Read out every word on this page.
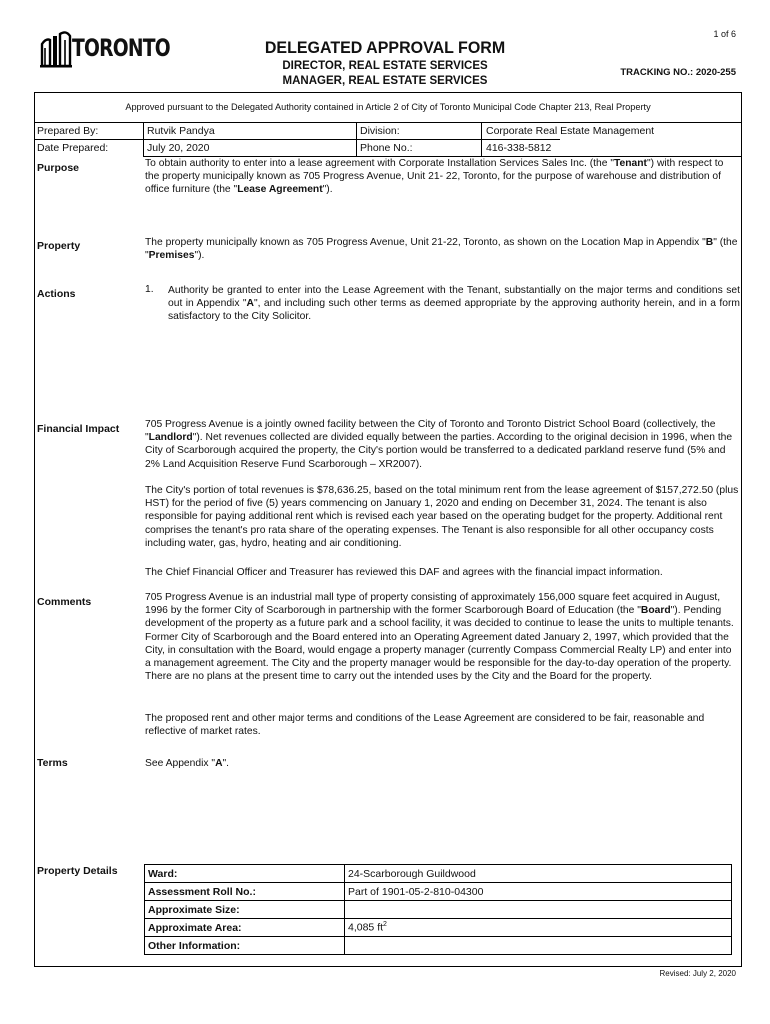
TORONTO	1 of 6
DELEGATED APPROVAL FORM
DIRECTOR, REAL ESTATE SERVICES
MANAGER, REAL ESTATE SERVICES
TRACKING NO.: 2020-255
Approved pursuant to the Delegated Authority contained in Article 2 of City of Toronto Municipal Code Chapter 213, Real Property
Prepared By:	Rutvik Pandya	Division:	Corporate Real Estate Management
Date Prepared:	July 20, 2020	Phone No.:	416-338-5812
Purpose	To obtain authority to enter into a lease agreement with Corporate Installation Services Sales Inc. (the "Tenant") with respect to the property municipally known as 705 Progress Avenue, Unit 21- 22, Toronto, for the purpose of warehouse and distribution of office furniture (the "Lease Agreement").
Property	The property municipally known as 705 Progress Avenue, Unit 21-22, Toronto, as shown on the Location Map in Appendix "B" (the "Premises").
Actions	1. Authority be granted to enter into the Lease Agreement with the Tenant, substantially on the major terms and conditions set out in Appendix "A", and including such other terms as deemed appropriate by the approving authority herein, and in a form satisfactory to the City Solicitor.
Financial Impact 705 Progress Avenue is a jointly owned facility between the City of Toronto and Toronto District School Board (collectively, the "Landlord"). Net revenues collected are divided equally between the parties. According to the original decision in 1996, when the City of Scarborough acquired the property, the City's portion would be transferred to a dedicated parkland reserve fund (5% and 2% Land Acquisition Reserve Fund Scarborough – XR2007).
The City's portion of total revenues is $78,636.25, based on the total minimum rent from the lease agreement of $157,272.50 (plus HST) for the period of five (5) years commencing on January 1, 2020 and ending on December 31, 2024. The tenant is also responsible for paying additional rent which is revised each year based on the operating budget for the property. Additional rent comprises the tenant's pro rata share of the operating expenses. The Tenant is also responsible for all other occupancy costs including water, gas, hydro, heating and air conditioning.
The Chief Financial Officer and Treasurer has reviewed this DAF and agrees with the financial impact information.
Comments	705 Progress Avenue is an industrial mall type of property consisting of approximately 156,000 square feet acquired in August, 1996 by the former City of Scarborough in partnership with the former Scarborough Board of Education (the "Board"). Pending development of the property as a future park and a school facility, it was decided to continue to lease the units to multiple tenants. Former City of Scarborough and the Board entered into an Operating Agreement dated January 2, 1997, which provided that the City, in consultation with the Board, would engage a property manager (currently Compass Commercial Realty LP) and enter into a management agreement. The City and the property manager would be responsible for the day-to-day operation of the property. There are no plans at the present time to carry out the intended uses by the City and the Board for the property.
The proposed rent and other major terms and conditions of the Lease Agreement are considered to be fair, reasonable and reflective of market rates.
Terms	See Appendix "A".
Property Details	Ward:	24-Scarborough Guildwood
Assessment Roll No.:	Part of 1901-05-2-810-04300
Approximate Size:	
Approximate Area:	4,085 $ft^2$
Other Information:	
Revised: July 2, 2020
